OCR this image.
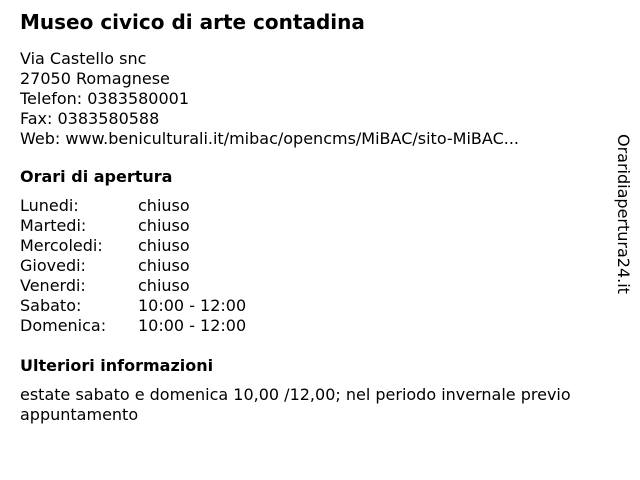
Museo civico di arte contadina
Via Castello snc
27050 Romagnese
Telefon: 0383580001
Fax: 0383580588
Web: www.beniculturali.it/mibac/opencms/MiBAC/sito-MiBAC...
Orari di apertura
Lunedi:	chiuso
Martedi:	chiuso
Mercoledi:	chiuso
Giovedi:	chiuso
Venerdi:	chiuso
Sabato:	10:00 - 12:00
Domenica:	10:00 - 12:00
Ulteriori informazioni
estate sabato e domenica 10,00 /12,00; nel periodo invernale previo appuntamento
Oraridiapertura24.it
